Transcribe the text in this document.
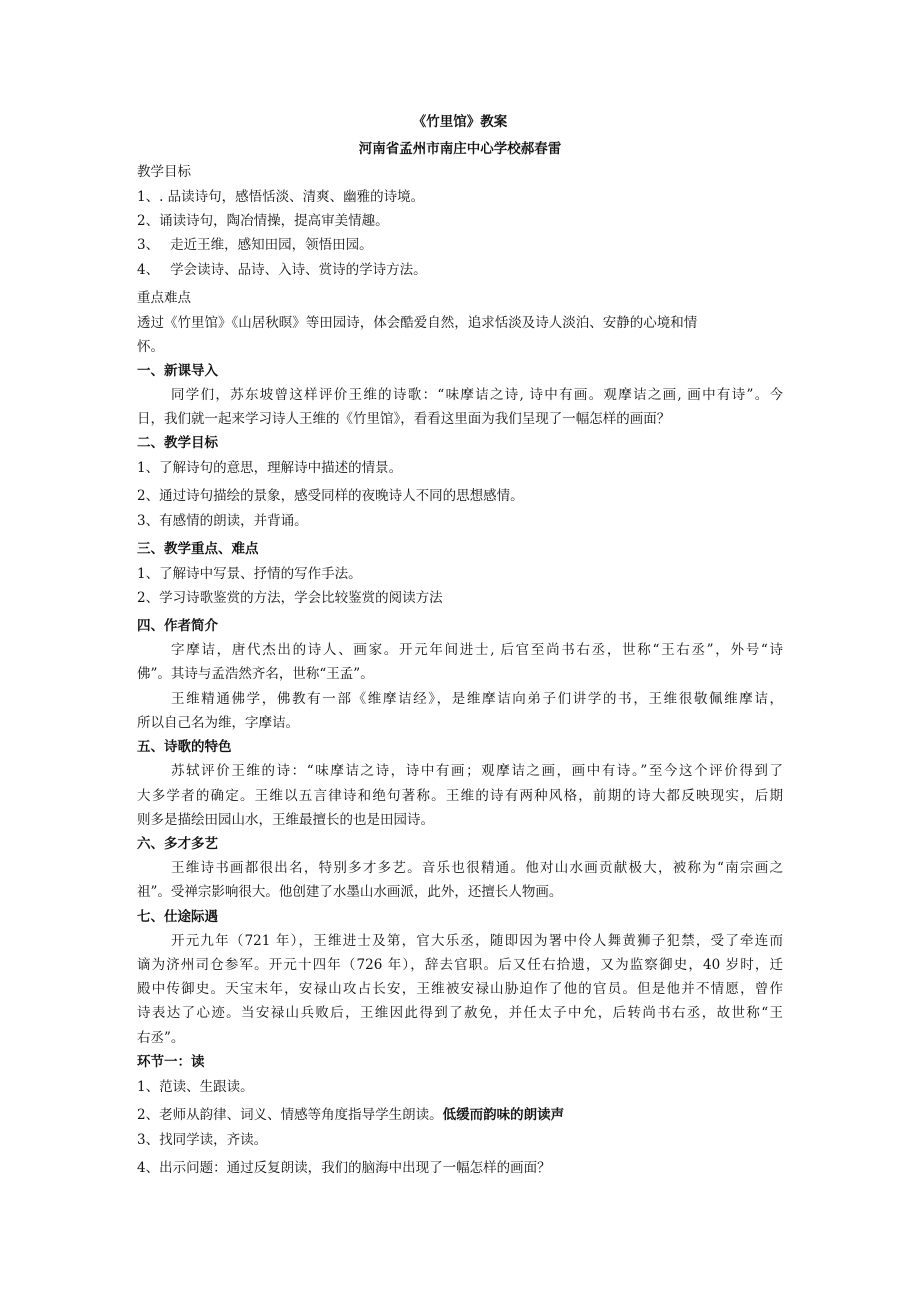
《竹里馆》教案
河南省孟州市南庄中心学校郝春雷
教学目标
1、. 品读诗句，感悟恬淡、清爽、幽雅的诗境。
2、诵读诗句，陶冶情操，提高审美情趣。
3、　 走近王维，感知田园，领悟田园。
4、　 学会读诗、品诗、入诗、赏诗的学诗方法。
重点难点
透过《竹里馆》《山居秋暝》等田园诗，体会酷爱自然，追求恬淡及诗人淡泊、安静的心境和情
怀。
一、新课导入
同学们，苏东坡曾这样评价王维的诗歌：“味摩诘之诗, 诗中有画。观摩诘之画, 画中有诗”。今
日，我们就一起来学习诗人王维的《竹里馆》，看看这里面为我们呈现了一幅怎样的画面？
二、教学目标
1、了解诗句的意思，理解诗中描述的情景。
2、通过诗句描绘的景象，感受同样的夜晚诗人不同的思想感情。
3、有感情的朗读，并背诵。
三、教学重点、难点
1、了解诗中写景、抒情的写作手法。
2、学习诗歌鉴赏的方法，学会比较鉴赏的阅读方法
四、作者简介
字摩诘，唐代杰出的诗人、画家。开元年间进士, 后官至尚书右丞，世称“王右丞”，外号“诗
佛”。其诗与孟浩然齐名，世称“王孟”。
王维精通佛学，佛教有一部《维摩诘经》，是维摩诘向弟子们讲学的书，王维很敬佩维摩诘，
所以自己名为维，字摩诘。
五、诗歌的特色
苏轼评价王维的诗：“味摩诘之诗，诗中有画；观摩诘之画，画中有诗。”至今这个评价得到了
大多学者的确定。王维以五言律诗和绝句著称。王维的诗有两种风格，前期的诗大都反映现实，后期
则多是描绘田园山水，王维最擅长的也是田园诗。
六、多才多艺
王维诗书画都很出名，特别多才多艺。音乐也很精通。他对山水画贡献极大，被称为“南宗画之
祖”。受禅宗影响很大。他创建了水墨山水画派，此外，还擅长人物画。
七、仕途际遇
开元九年（721 年），王维进士及第，官大乐丞，随即因为署中伶人舞黄狮子犯禁，受了牵连而
谪为济州司仓参军。开元十四年（726 年），辞去官职。后又任右拾遗，又为监察御史，40 岁时，迁
殿中传御史。天宝末年，安禄山攻占长安，王维被安禄山胁迫作了他的官员。但是他并不情愿，曾作
诗表达了心迹。当安禄山兵败后，王维因此得到了赦免，并任太子中允，后转尚书右丞，故世称“王
右丞”。
环节一：读
1、范读、生跟读。
2、老师从韵律、词义、情感等角度指导学生朗读。低缓而韵味的朗读声
3、找同学读，齐读。
4、出示问题：通过反复朗读，我们的脑海中出现了一幅怎样的画面？
